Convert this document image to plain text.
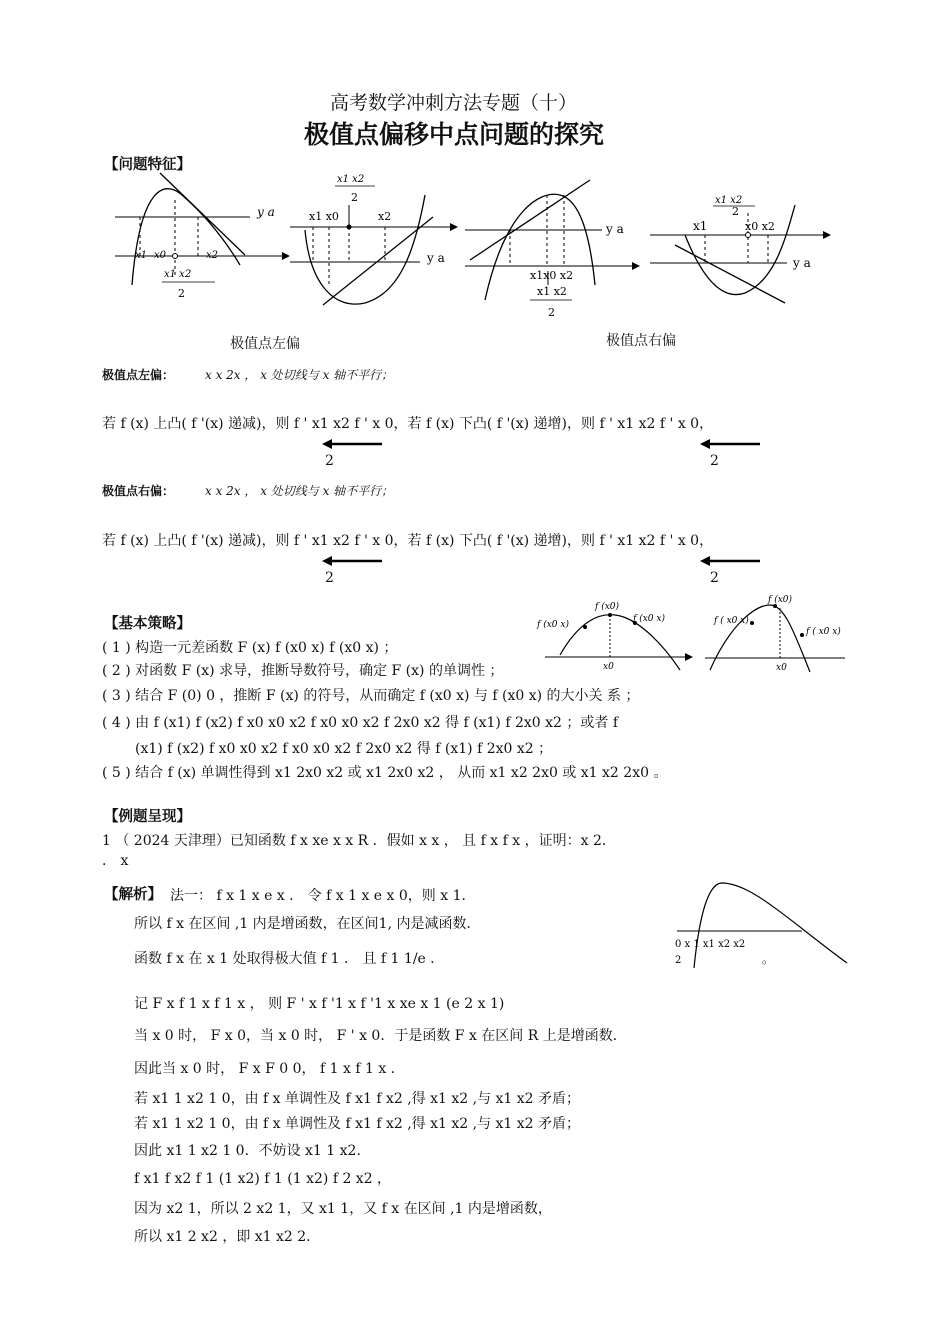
高考数学冲刺方法专题（十）
极值点偏移中点问题的探究
【问题特征】
y a
x1 x0	x2
x1 x2
2
x1 x2
2
x1 x0	x2
y a
y a
x1x0 x2
x1 x2
2
x1 x2
2
x1	x0 x2
y a
极值点左偏	极值点右偏
极值点左偏：	x x 2x ， x 处切线与 x 轴不平行；
若 f (x) 上凸( f '(x) 递减)，则 f ' x1 x2 f ' x 0，若 f (x) 下凸( f '(x) 递增)，则 f ' x1 x2 f ' x 0，
2	2
极值点右偏：	x x 2x ， x 处切线与 x 轴不平行；
若 f (x) 上凸( f '(x) 递减)，则 f ' x1 x2 f ' x 0，若 f (x) 下凸( f '(x) 递增)，则 f ' x1 x2 f ' x 0，
2	2
【基本策略】	f (x0 x)
f (x0)
f (x0 x)
x0
f ( x0 x)
f (x0)
f ( x0 x)
x0
( 1 ) 构造一元差函数 F (x) f (x0 x) f (x0 x) ；
( 2 ) 对函数 F (x) 求导，推断导数符号，确定 F (x) 的单调性 ；
( 3 ) 结合 F (0) 0 ，推断 F (x) 的符号，从而确定 f (x0 x) 与 f (x0 x) 的大小关 系 ；
( 4 ) 由 f (x1) f (x2) f x0 x0 x2 f x0 x0 x2 f 2x0 x2 得 f (x1) f 2x0 x2 ；或者 f
(x1) f (x2) f x0 x0 x2 f x0 x0 x2 f 2x0 x2 得 f (x1) f 2x0 x2 ；
( 5 ) 结合 f (x) 单调性得到 x1 2x0 x2 或 x1 2x0 x2 ， 从而 x1 x2 2x0 或 x1 x2 2x0 。
【例题呈现】
1 （ 2024 天津理）已知函数 f x xe x x R ．假如 x x ， 且 f x f x ，证明：x 2．
． x
【解析】 法一： f x 1 x e x ． 令 f x 1 x e x 0，则 x 1．
所以 f x 在区间 ,1 内是增函数，在区间1, 内是减函数．
函数 f x 在 x 1 处取得极大值 f 1 ． 且 f 1 1/e ．
记 F x f 1 x f 1 x ， 则 F ' x f '1 x f '1 x xe x 1 (e 2 x 1)
当 x 0 时， F x 0，当 x 0 时， F ' x 0．于是函数 F x 在区间 R 上是增函数．
因此当 x 0 时， F x F 0 0， f 1 x f 1 x ．
若 x1 1 x2 1 0，由 f x 单调性及 f x1 f x2 ,得 x1 x2 ,与 x1 x2 矛盾；
若 x1 1 x2 1 0，由 f x 单调性及 f x1 f x2 ,得 x1 x2 ,与 x1 x2 矛盾；
因此 x1 1 x2 1 0．不妨设 x1 1 x2．
f x1 f x2 f 1 (1 x2) f 1 (1 x2) f 2 x2 ，
因为 x2 1，所以 2 x2 1，又 x1 1，又 f x 在区间 ,1 内是增函数，
所以 x1 2 x2 ，即 x1 x2 2．
0 x 1 x1 x2 x2
2	。
